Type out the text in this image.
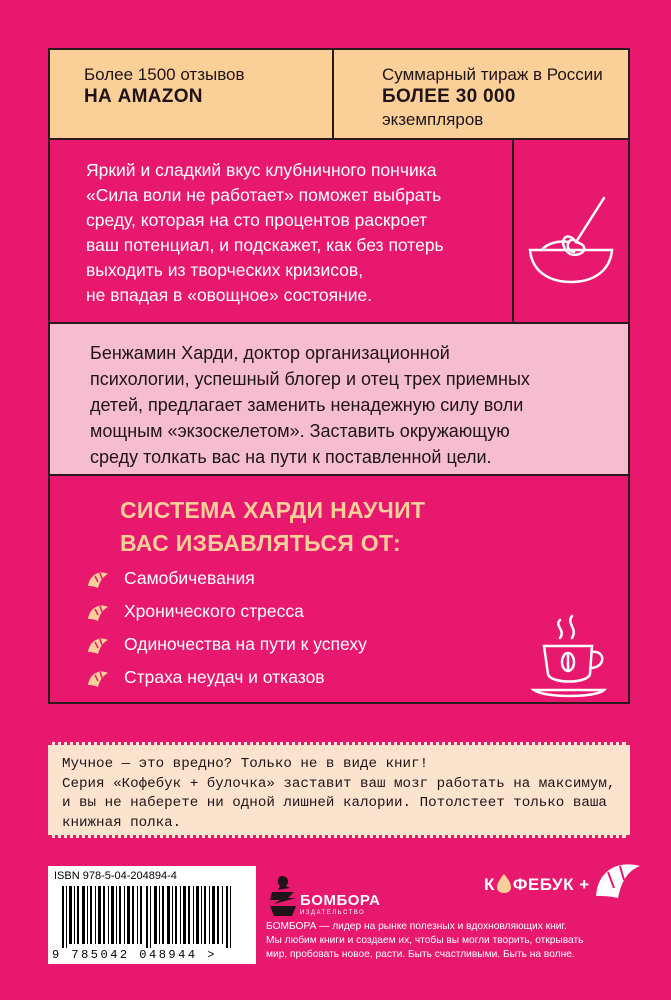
Более 1500 отзывов
НА AMAZON
Суммарный тираж в России
БОЛЕЕ 30 000
экземпляров
Яркий и сладкий вкус клубничного пончика
«Сила воли не работает» поможет выбрать
среду, которая на сто процентов раскроет
ваш потенциал, и подскажет, как без потерь
выходить из творческих кризисов,
не впадая в «овощное» состояние.
Бенжамин Харди, доктор организационной
психологии, успешный блогер и отец трех приемных
детей, предлагает заменить ненадежную силу воли
мощным «экзоскелетом». Заставить окружающую
среду толкать вас на пути к поставленной цели.
СИСТЕМА ХАРДИ НАУЧИТ
ВАС ИЗБАВЛЯТЬСЯ ОТ:
Самобичевания
Хронического стресса
Одиночества на пути к успеху
Страха неудач и отказов
Мучное — это вредно? Только не в виде книг!
Серия «Кофебук + булочка» заставит ваш мозг работать на максимум,
и вы не наберете ни одной лишней калории. Потолстеет только ваша
книжная полка.
ISBN 978-5-04-204894-4
9 785042 048944 >
БОМБОРА
ИЗДАТЕЛЬСТВО
БОМБОРА — лидер на рынке полезных и вдохновляющих книг.
Мы любим книги и создаем их, чтобы вы могли творить, открывать
мир, пробовать новое, расти. Быть счастливыми. Быть на волне.
К ФЕБУК +
